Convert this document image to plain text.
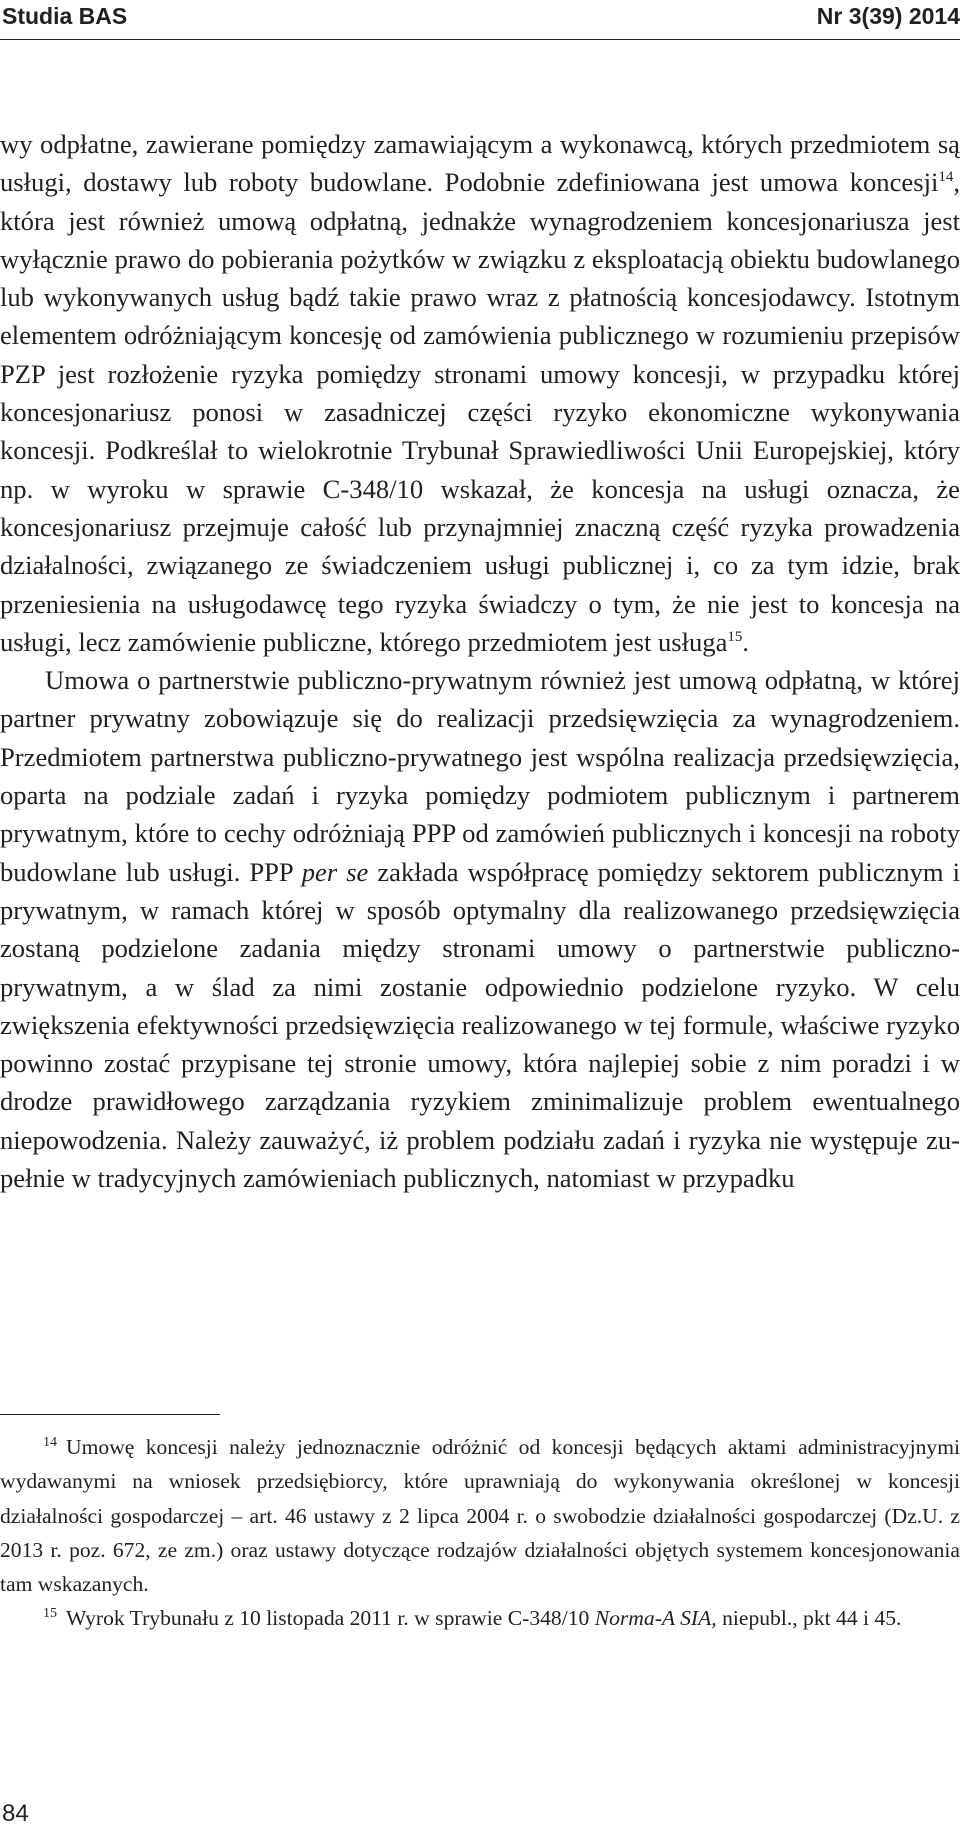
Studia BAS	Nr 3(39) 2014

wy odpłatne, zawierane pomiędzy zamawiającym a wykonawcą, których przedmiotem są usługi, dostawy lub roboty budowlane. Podobnie zdefiniowana jest umowa koncesji$^{14}$, która jest również umową odpłatną, jednakże wynagrodzeniem koncesjonariusza jest wyłącznie prawo do pobierania pożytków w związku z eksploatacją obiektu budowlanego lub wykonywanych usług bądź takie prawo wraz z płatnością koncesjodawcy. Istotnym elementem odróżniającym koncesję od zamówienia publicznego w rozumieniu przepisów PZP jest rozłożenie ryzyka pomiędzy stronami umowy koncesji, w przypadku której koncesjonariusz ponosi w zasadniczej części ryzyko ekonomiczne wykonywania koncesji. Podkreślał to wielokrotnie Trybunał Sprawiedliwości Unii Europejskiej, który np. w wyroku w sprawie C-348/10 wskazał, że koncesja na usługi oznacza, że koncesjonariusz przejmuje całość lub przynajmniej znaczną część ryzyka prowadzenia działalności, związanego ze świadczeniem usługi publicznej i, co za tym idzie, brak przeniesienia na usługodawcę tego ryzyka świadczy o tym, że nie jest to koncesja na usługi, lecz zamówienie publiczne, którego przedmiotem jest usługa$^{15}$.

Umowa o partnerstwie publiczno-prywatnym również jest umową odpłatną, w której partner prywatny zobowiązuje się do realizacji przedsięwzięcia za wynagrodzeniem. Przedmiotem partnerstwa publiczno-prywatnego jest wspólna realizacja przedsięwzięcia, oparta na podziale zadań i ryzyka pomiędzy podmiotem publicznym i partnerem prywatnym, które to cechy odróżniają PPP od zamówień publicznych i koncesji na roboty budowlane lub usługi. PPP per se zakłada współpracę pomiędzy sektorem publicznym i prywatnym, w ramach której w sposób optymalny dla realizowanego przedsięwzięcia zostaną podzielone zadania między stronami umowy o partnerstwie publiczno-prywatnym, a w ślad za nimi zostanie odpowiednio podzielone ryzyko. W celu zwiększenia efektywności przedsięwzięcia realizowanego w tej formule, właściwe ryzyko powinno zostać przypisane tej stronie umowy, która najlepiej sobie z nim poradzi i w drodze prawidłowego zarządzania ryzykiem zminimalizuje problem ewentualnego niepowodzenia. Należy zauważyć, iż problem podziału zadań i ryzyka nie występuje zupełnie w tradycyjnych zamówieniach publicznych, natomiast w przypadku

$^{14}$ Umowę koncesji należy jednoznacznie odróżnić od koncesji będących aktami administracyjnymi wydawanymi na wniosek przedsiębiorcy, które uprawniają do wykonywania określonej w koncesji działalności gospodarczej – art. 46 ustawy z 2 lipca 2004 r. o swobodzie działalności gospodarczej (Dz.U. z 2013 r. poz. 672, ze zm.) oraz ustawy dotyczące rodzajów działalności objętych systemem koncesjonowania tam wskazanych.

$^{15}$ Wyrok Trybunału z 10 listopada 2011 r. w sprawie C-348/10 Norma-A SIA, niepubl., pkt 44 i 45.

84
